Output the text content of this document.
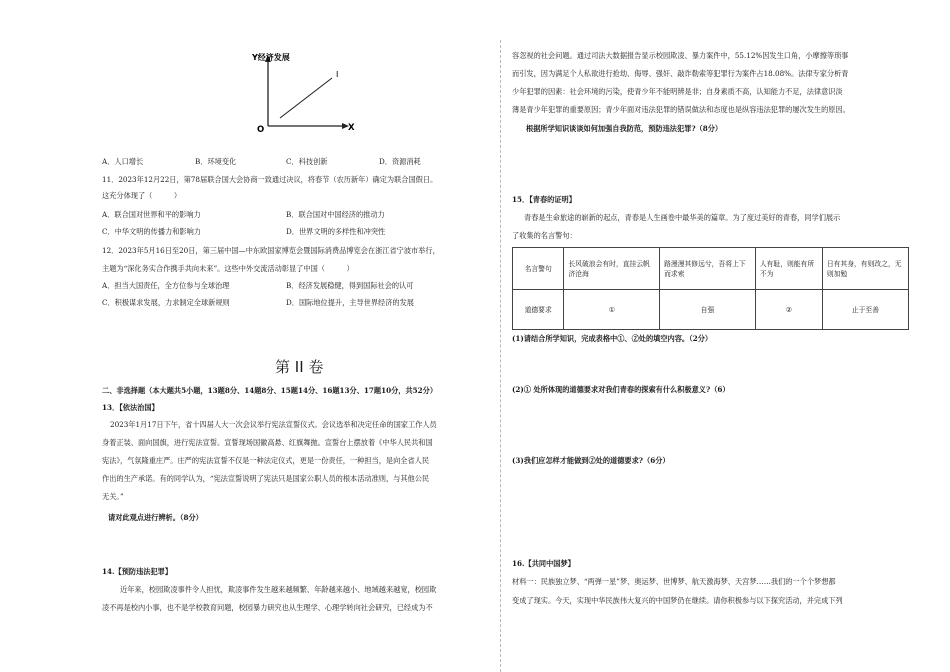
Y经济发展
X
O
I
A．人口增长	B．环境变化	C．科技创新	D．资源消耗
11．2023年12月22日，第78届联合国大会协商一致通过决议，将春节（农历新年）确定为联合国假日。
这充分体现了（　　　）
A．联合国对世界和平的影响力	B．联合国对中国经济的推动力
C．中华文明的传播力和影响力	D．世界文明的多样性和冲突性
12．2023年5月16日至20日，第三届中国—中东欧国家博览会暨国际消费品博览会在浙江省宁波市举行，
主题为“深化务实合作携手共向未来”。这些中外交流活动彰显了中国（　　　）
A．担当大国责任，全方位参与全球治理	B．经济发展稳健，得到国际社会的认可
C．积极谋求发展，力求制定全球新规则	D．国际地位提升，主导世界经济的发展
第 II 卷
二、非选择题（本大题共5小题，13题8分、14题8分、15题14分、16题13分、17题10分，共52分）
13．【依法治国】
2023年1月17日下午，省十四届人大一次会议举行宪法宣誓仪式。会议选举和决定任命的国家工作人员
身着正装、面向国旗，进行宪法宣誓。宣誓现场国徽高悬、红旗舞抛。宣誓台上摆放着《中华人民共和国
宪法》，气氛隆重庄严。庄严的宪法宣誓不仅是一种法定仪式，更是一份责任，一种担当，是向全省人民
作出的生产承诺。有的同学认为，“宪法宣誓说明了宪法只是国家公职人员的根本活动准则，与其他公民
无关。”
请对此观点进行辨析。（8分）
14.【预防违法犯罪】
近年来，校园欺凌事件令人担忧，欺凌事件发生越来越频繁、年龄越来越小、地域越来越宽，校园欺
凌不再是校内小事，也不是学校教育问题，校园暴力研究也从生理学、心理学转向社会研究，已经成为不
容忽视的社会问题。通过司法大数据报告显示校园欺凌、暴力案件中，55.12%因发生口角，小摩擦等琐事
而引发，因为满足个人私欲进行抢劫、侮辱、强奸、敲诈勒索等犯罪行为案件占18.08%。法律专家分析青
少年犯罪的因素：社会环境的污染，使青少年不能明辨是非；自身素质不高，认知能力不足，法律意识淡
薄是青少年犯罪的重要原因；青少年面对违法犯罪的错误做法和态度也是纵容违法犯罪的屡次发生的原因。
根据所学知识谈谈如何加强自我防范，预防违法犯罪?（8分）
15．【青春的证明】
青春是生命旅途的崭新的起点，青春是人生画卷中最华美的篇章。为了度过美好的青春，同学们展示
了收集的名言警句：
名言警句	长风破浪会有时，直挂云帆济沧海	路漫漫其修远兮，吾将上下而求索	人有耻，则能有所不为	日有其身，有则改之，无则加勉
道德要求	①	自强	②	止于至善
(1)请结合所学知识，完成表格中①、②处的填空内容。（2分）
(2)① 处所体现的道德要求对我们青春的探索有什么积极意义?（6）
(3)我们应怎样才能做到②处的道德要求?（6分）
16.【共同中国梦】
材料一：民族独立梦、“两弹一星”梦、奥运梦、世博梦、航天激海梦、天宫梦……我们的一个个梦想都
变成了现实。今天，实现中华民族伟大复兴的中国梦仍在继续。请你积极参与以下探究活动，并完成下列
